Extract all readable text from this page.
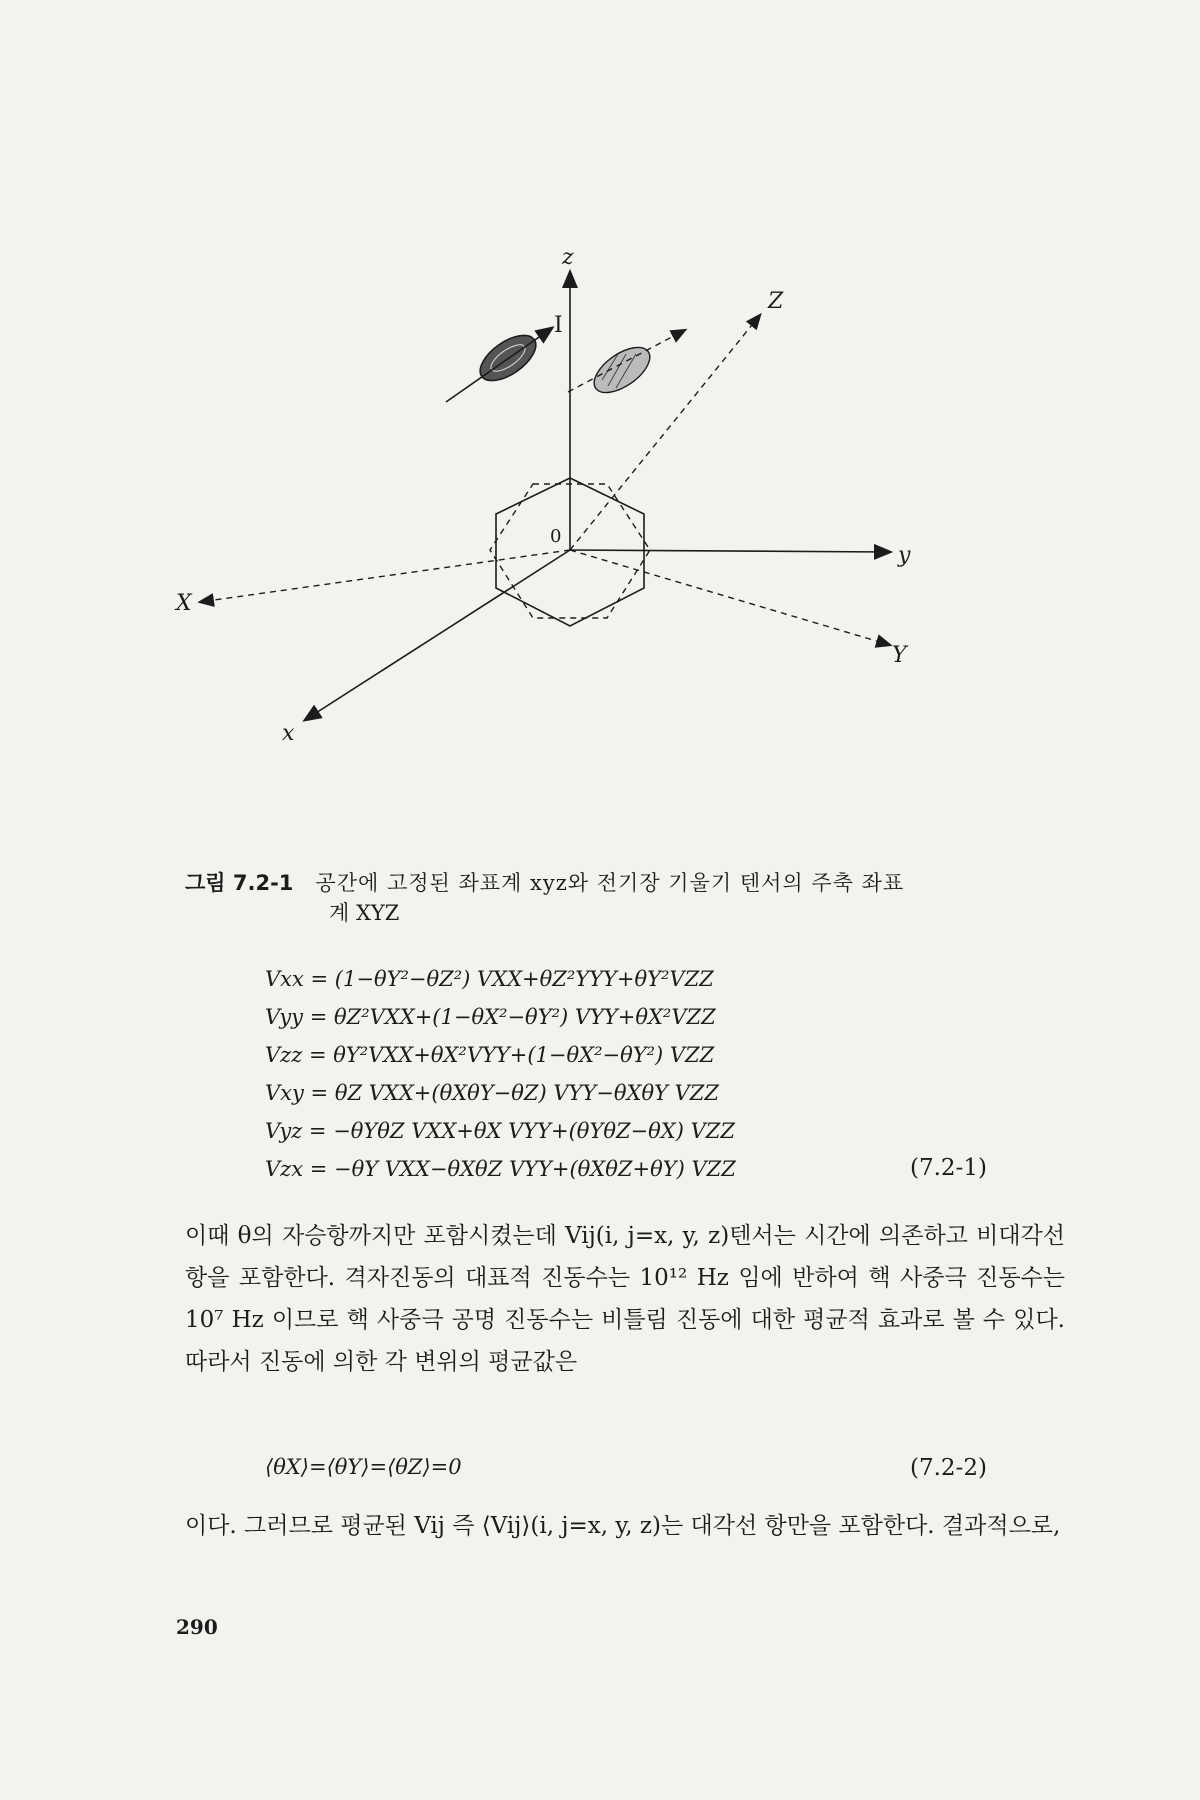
z
Z
y
X
Y
x
0
I
그림 7.2-1 공간에 고정된 좌표계 xyz와 전기장 기울기 텐서의 주축 좌표
계 XYZ
Vxx = (1−θY²−θZ²) VXX+θZ²YYY+θY²VZZ
Vyy = θZ²VXX+(1−θX²−θY²) VYY+θX²VZZ
Vzz = θY²VXX+θX²VYY+(1−θX²−θY²) VZZ
Vxy = θZ VXX+(θXθY−θZ) VYY−θXθY VZZ
Vyz = −θYθZ VXX+θX VYY+(θYθZ−θX) VZZ
Vzx = −θY VXX−θXθZ VYY+(θXθZ+θY) VZZ	(7.2-1)
이때 θ의 자승항까지만 포함시켰는데 Vij(i, j=x, y, z)텐서는 시간에 의존하고 비대각선 항을 포함한다. 격자진동의 대표적 진동수는 10¹² Hz 임에 반하여 핵 사중극 진동수는 10⁷ Hz 이므로 핵 사중극 공명 진동수는 비틀림 진동에 대한 평균적 효과로 볼 수 있다. 따라서 진동에 의한 각 변위의 평균값은
⟨θX⟩=⟨θY⟩=⟨θZ⟩=0	(7.2-2)
이다. 그러므로 평균된 Vij 즉 ⟨Vij⟩(i, j=x, y, z)는 대각선 항만을 포함한다. 결과적으로,
290
